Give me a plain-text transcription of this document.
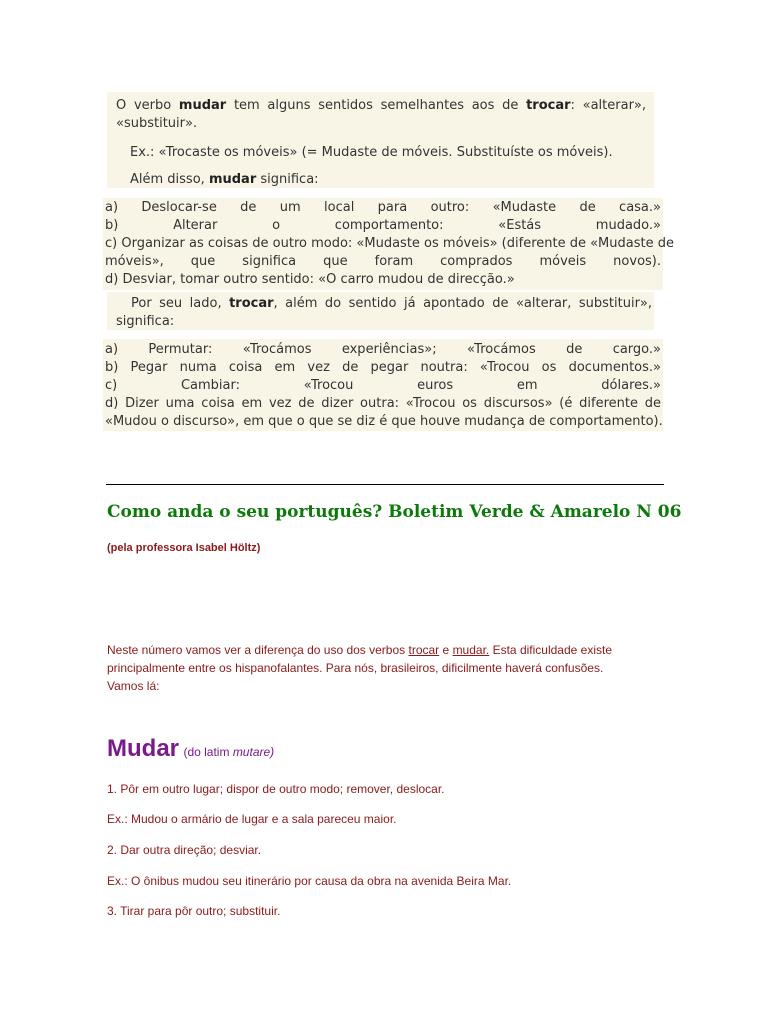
O verbo mudar tem alguns sentidos semelhantes aos de trocar: «alterar»,
«substituir».
Ex.: «Trocaste os móveis» (= Mudaste de móveis. Substituíste os móveis).
Além disso, mudar significa:
a) Deslocar-se de um local para outro: «Mudaste de casa.»
b) Alterar o comportamento: «Estás mudado.»
c) Organizar as coisas de outro modo: «Mudaste os móveis» (diferente de «Mudaste de
móveis», que significa que foram comprados móveis novos).
d) Desviar, tomar outro sentido: «O carro mudou de direcção.»
Por seu lado, trocar, além do sentido já apontado de «alterar, substituir»,
significa:
a) Permutar: «Trocámos experiências»; «Trocámos de cargo.»
b) Pegar numa coisa em vez de pegar noutra: «Trocou os documentos.»
c) Cambiar: «Trocou euros em dólares.»
d) Dizer uma coisa em vez de dizer outra: «Trocou os discursos» (é diferente de
«Mudou o discurso», em que o que se diz é que houve mudança de comportamento).
Como anda o seu português? Boletim Verde & Amarelo N 06
(pela professora Isabel Höltz)
Neste número vamos ver a diferença do uso dos verbos trocar e mudar. Esta dificuldade existe
principalmente entre os hispanofalantes. Para nós, brasileiros, dificilmente haverá confusões.
Vamos lá:
Mudar (do latim mutare)
1. Pôr em outro lugar; dispor de outro modo; remover, deslocar.
Ex.: Mudou o armário de lugar e a sala pareceu maior.
2. Dar outra direção; desviar.
Ex.: O ônibus mudou seu itinerário por causa da obra na avenida Beira Mar.
3. Tirar para pôr outro; substituir.
